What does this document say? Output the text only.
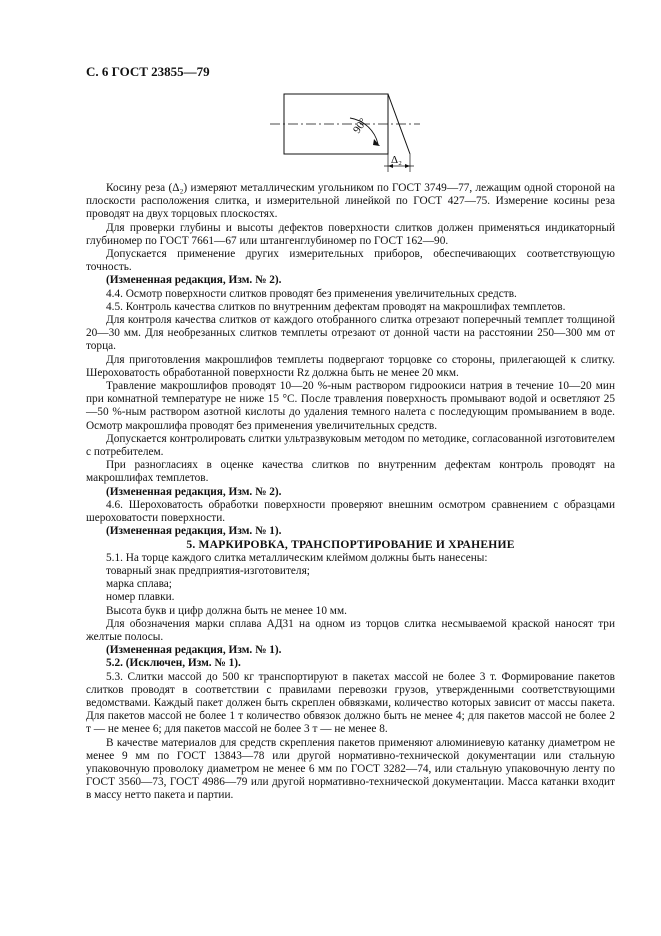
С. 6 ГОСТ 23855—79
90°
Δ₂

Косину реза (Δ₂) измеряют металлическим угольником по ГОСТ 3749—77, лежащим одной стороной на плоскости расположения слитка, и измерительной линейкой по ГОСТ 427—75. Измерение косины реза проводят на двух торцовых плоскостях.

Для проверки глубины и высоты дефектов поверхности слитков должен применяться индикаторный глубиномер по ГОСТ 7661—67 или штангенглубиномер по ГОСТ 162—90.

Допускается применение других измерительных приборов, обеспечивающих соответствующую точность.

(Измененная редакция, Изм. № 2).

4.4. Осмотр поверхности слитков проводят без применения увеличительных средств.

4.5. Контроль качества слитков по внутренним дефектам проводят на макрошлифах темплетов.

Для контроля качества слитков от каждого отобранного слитка отрезают поперечный темплет толщиной 20—30 мм. Для необрезанных слитков темплеты отрезают от донной части на расстоянии 250—300 мм от торца.

Для приготовления макрошлифов темплеты подвергают торцовке со стороны, прилегающей к слитку. Шероховатость обработанной поверхности Rz должна быть не менее 20 мкм.

Травление макрошлифов проводят 10—20 %-ным раствором гидроокиси натрия в течение 10—20 мин при комнатной температуре не ниже 15 °С. После травления поверхность промывают водой и осветляют 25—50 %-ным раствором азотной кислоты до удаления темного налета с последующим промыванием в воде. Осмотр макрошлифа проводят без применения увеличительных средств.

Допускается контролировать слитки ультразвуковым методом по методике, согласованной изготовителем с потребителем.

При разногласиях в оценке качества слитков по внутренним дефектам контроль проводят на макрошлифах темплетов.

(Измененная редакция, Изм. № 2).

4.6. Шероховатость обработки поверхности проверяют внешним осмотром сравнением с образцами шероховатости поверхности.

(Измененная редакция, Изм. № 1).

5. МАРКИРОВКА, ТРАНСПОРТИРОВАНИЕ И ХРАНЕНИЕ

5.1. На торце каждого слитка металлическим клеймом должны быть нанесены:

товарный знак предприятия-изготовителя;

марка сплава;

номер плавки.

Высота букв и цифр должна быть не менее 10 мм.

Для обозначения марки сплава АД31 на одном из торцов слитка несмываемой краской наносят три желтые полосы.

(Измененная редакция, Изм. № 1).

5.2. (Исключен, Изм. № 1).

5.3. Слитки массой до 500 кг транспортируют в пакетах массой не более 3 т. Формирование пакетов слитков проводят в соответствии с правилами перевозки грузов, утвержденными соответствующими ведомствами. Каждый пакет должен быть скреплен обвязками, количество которых зависит от массы пакета. Для пакетов массой не более 1 т количество обвязок должно быть не менее 4; для пакетов массой не более 2 т — не менее 6; для пакетов массой не более 3 т — не менее 8.

В качестве материалов для средств скрепления пакетов применяют алюминиевую катанку диаметром не менее 9 мм по ГОСТ 13843—78 или другой нормативно-технической документации или стальную упаковочную проволоку диаметром не менее 6 мм по ГОСТ 3282—74, или стальную упаковочную ленту по ГОСТ 3560—73, ГОСТ 4986—79 или другой нормативно-технической документации. Масса катанки входит в массу нетто пакета и партии.
